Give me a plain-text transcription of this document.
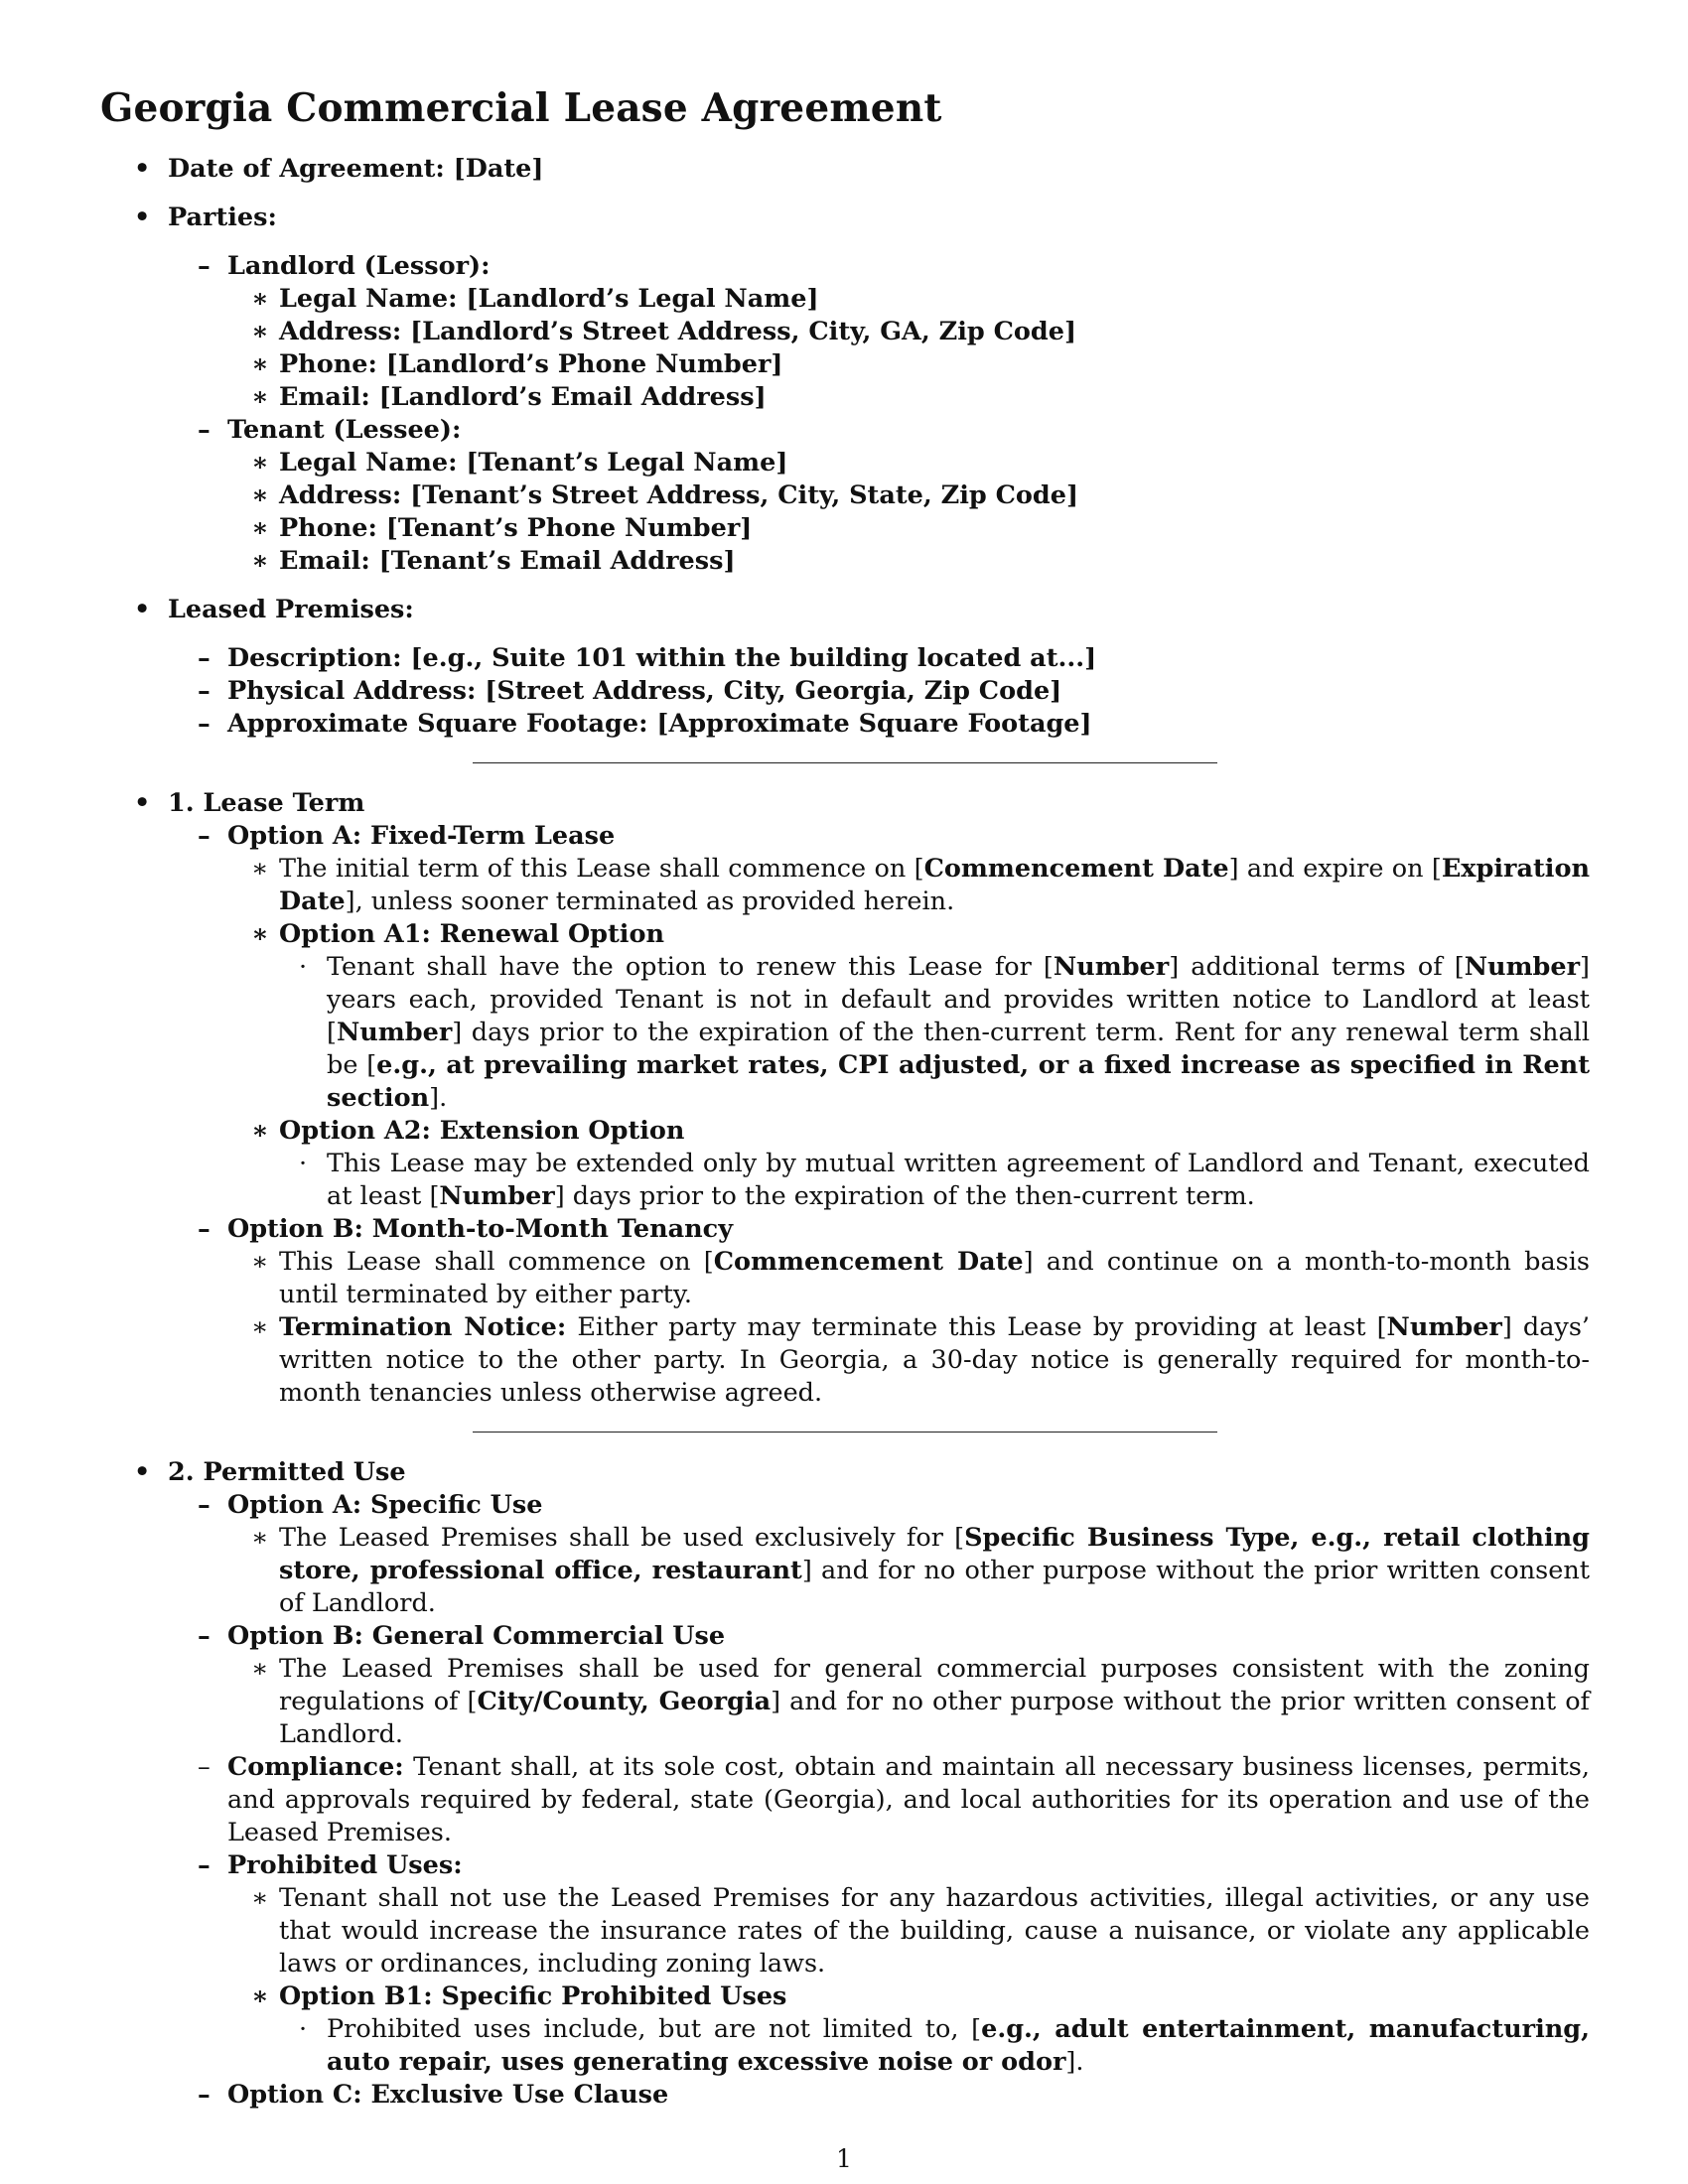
Georgia Commercial Lease Agreement
• Date of Agreement: [Date]
• Parties:
– Landlord (Lessor):
∗ Legal Name: [Landlord’s Legal Name]
∗ Address: [Landlord’s Street Address, City, GA, Zip Code]
∗ Phone: [Landlord’s Phone Number]
∗ Email: [Landlord’s Email Address]
– Tenant (Lessee):
∗ Legal Name: [Tenant’s Legal Name]
∗ Address: [Tenant’s Street Address, City, State, Zip Code]
∗ Phone: [Tenant’s Phone Number]
∗ Email: [Tenant’s Email Address]
• Leased Premises:
– Description: [e.g., Suite 101 within the building located at...]
– Physical Address: [Street Address, City, Georgia, Zip Code]
– Approximate Square Footage: [Approximate Square Footage]
• 1. Lease Term
– Option A: Fixed-Term Lease
∗ The initial term of this Lease shall commence on [Commencement Date] and expire on [Expiration Date], unless sooner terminated as provided herein.
∗ Option A1: Renewal Option
· Tenant shall have the option to renew this Lease for [Number] additional terms of [Number] years each, provided Tenant is not in default and provides written notice to Landlord at least [Number] days prior to the expiration of the then-current term. Rent for any renewal term shall be [e.g., at prevailing market rates, CPI adjusted, or a fixed increase as specified in Rent section].
∗ Option A2: Extension Option
· This Lease may be extended only by mutual written agreement of Landlord and Tenant, executed at least [Number] days prior to the expiration of the then-current term.
– Option B: Month-to-Month Tenancy
∗ This Lease shall commence on [Commencement Date] and continue on a month-to-month basis until terminated by either party.
∗ Termination Notice: Either party may terminate this Lease by providing at least [Number] days’ written notice to the other party. In Georgia, a 30-day notice is generally required for month-to-month tenancies unless otherwise agreed.
• 2. Permitted Use
– Option A: Specific Use
∗ The Leased Premises shall be used exclusively for [Specific Business Type, e.g., retail clothing store, professional office, restaurant] and for no other purpose without the prior written consent of Landlord.
– Option B: General Commercial Use
∗ The Leased Premises shall be used for general commercial purposes consistent with the zoning regulations of [City/County, Georgia] and for no other purpose without the prior written consent of Landlord.
– Compliance: Tenant shall, at its sole cost, obtain and maintain all necessary business licenses, permits, and approvals required by federal, state (Georgia), and local authorities for its operation and use of the Leased Premises.
– Prohibited Uses:
∗ Tenant shall not use the Leased Premises for any hazardous activities, illegal activities, or any use that would increase the insurance rates of the building, cause a nuisance, or violate any applicable laws or ordinances, including zoning laws.
∗ Option B1: Specific Prohibited Uses
· Prohibited uses include, but are not limited to, [e.g., adult entertainment, manufacturing, auto repair, uses generating excessive noise or odor].
– Option C: Exclusive Use Clause
1
